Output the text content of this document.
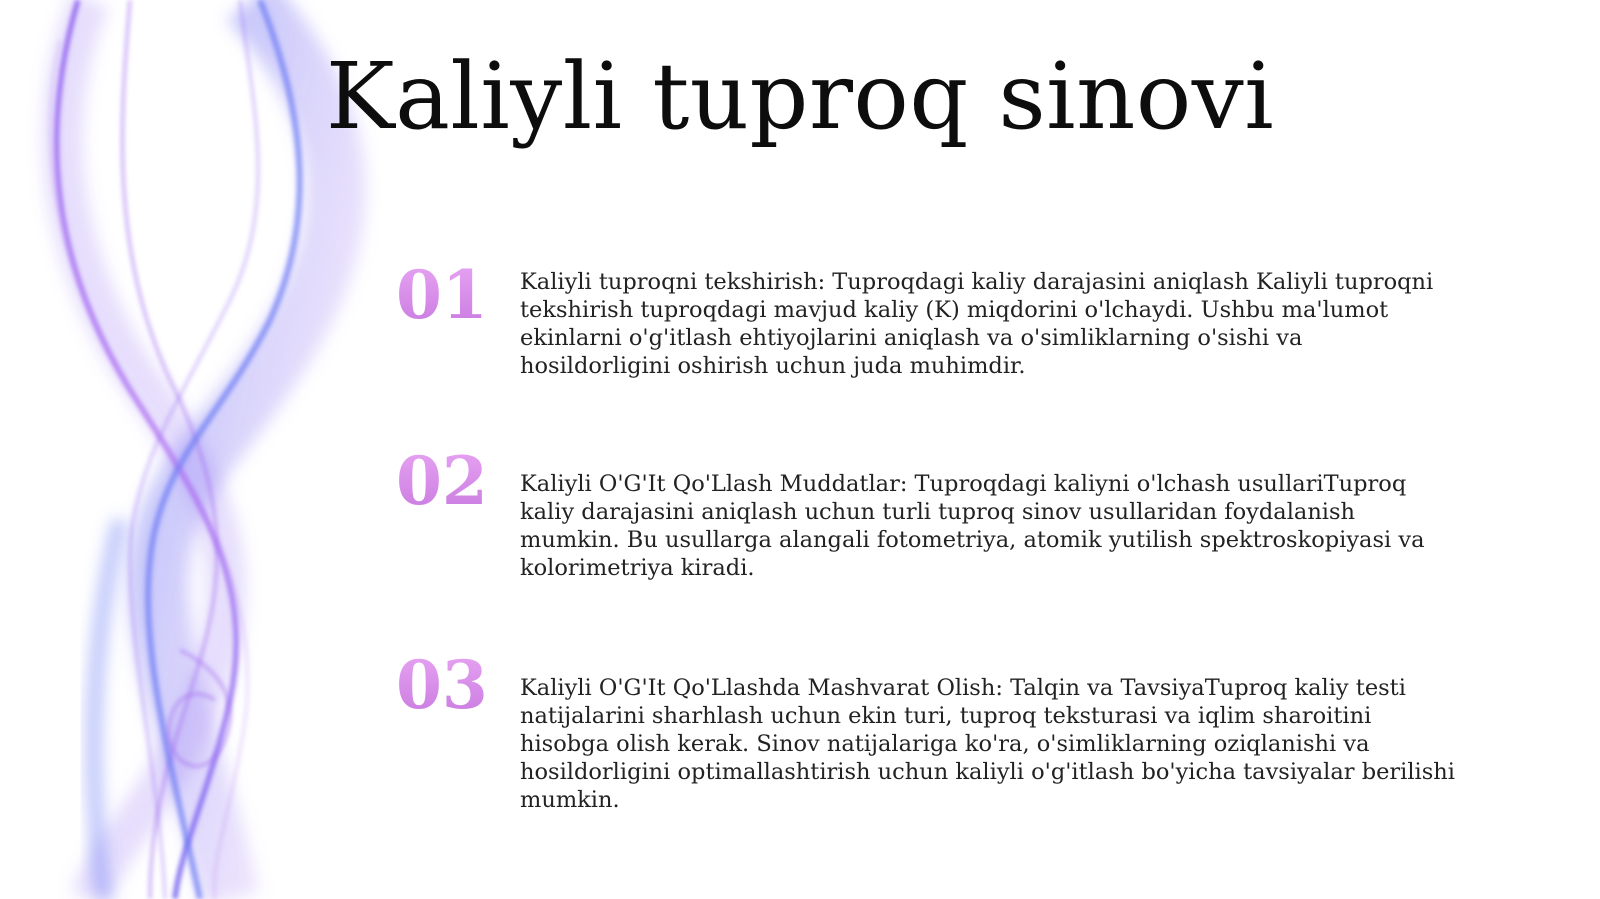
Kaliyli tuproq sinovi
01 Kaliyli tuproqni tekshirish: Tuproqdagi kaliy darajasini aniqlash Kaliyli tuproqni tekshirish tuproqdagi mavjud kaliy (K) miqdorini o'lchaydi. Ushbu ma'lumot ekinlarni o'g'itlash ehtiyojlarini aniqlash va o'simliklarning o'sishi va hosildorligini oshirish uchun juda muhimdir.

02 Kaliyli O'G'It Qo'Llash Muddatlar: Tuproqdagi kaliyni o'lchash usullariTuproq kaliy darajasini aniqlash uchun turli tuproq sinov usullaridan foydalanish mumkin. Bu usullarga alangali fotometriya, atomik yutilish spektroskopiyasi va kolorimetriya kiradi.

03 Kaliyli O'G'It Qo'Llashda Mashvarat Olish: Talqin va TavsiyaTuproq kaliy testi natijalarini sharhlash uchun ekin turi, tuproq teksturasi va iqlim sharoitini hisobga olish kerak. Sinov natijalariga ko'ra, o'simliklarning oziqlanishi va hosildorligini optimallashtirish uchun kaliyli o'g'itlash bo'yicha tavsiyalar berilishi mumkin.
